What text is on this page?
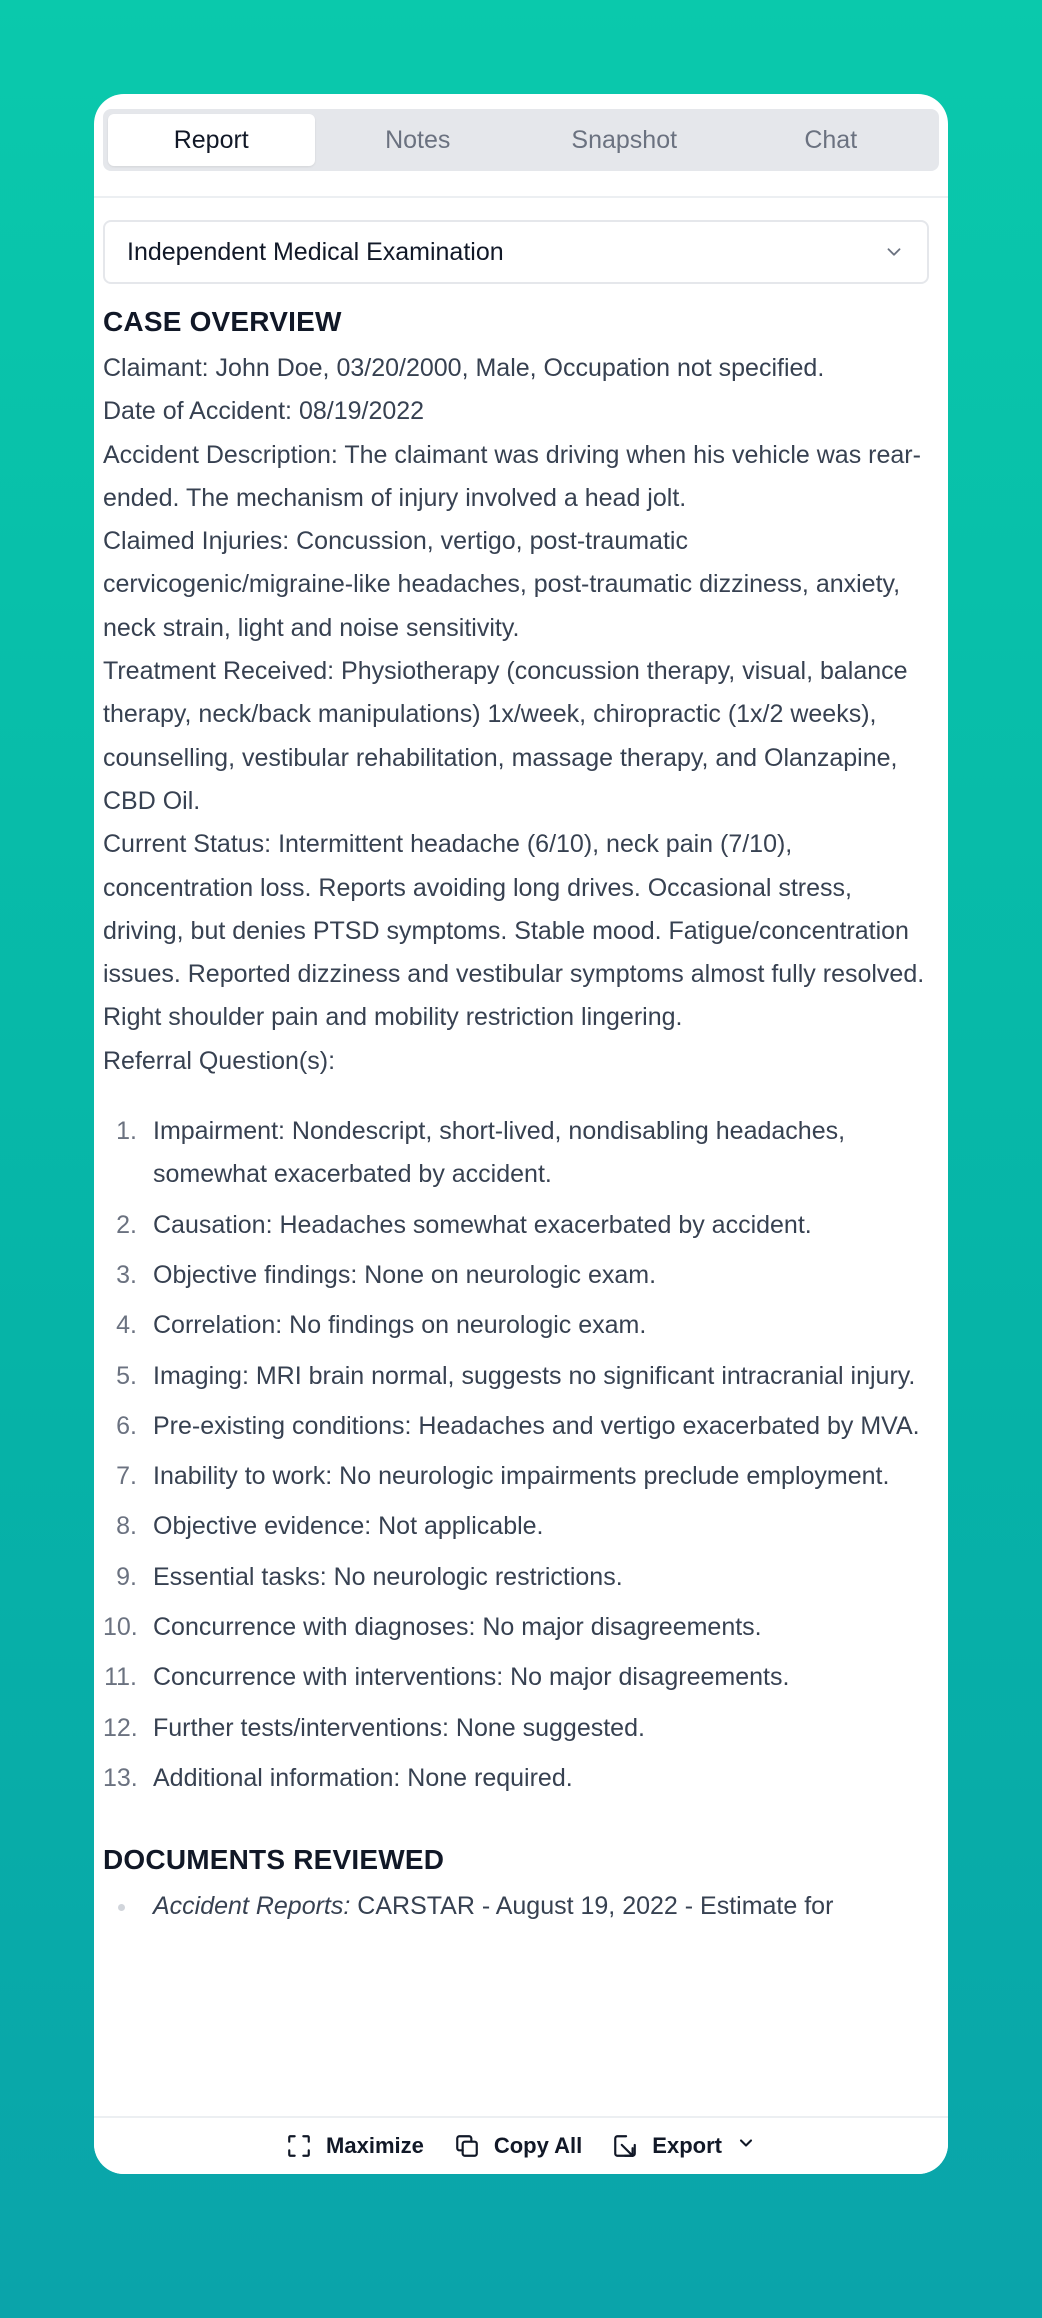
Report	Notes	Snapshot	Chat
Independent Medical Examination
CASE OVERVIEW

Claimant: John Doe, 03/20/2000, Male, Occupation not specified.

Date of Accident: 08/19/2022

Accident Description: The claimant was driving when his vehicle was rear-ended. The mechanism of injury involved a head jolt.

Claimed Injuries: Concussion, vertigo, post-traumatic cervicogenic/migraine-like headaches, post-traumatic dizziness, anxiety, neck strain, light and noise sensitivity.

Treatment Received: Physiotherapy (concussion therapy, visual, balance therapy, neck/back manipulations) 1x/week, chiropractic (1x/2 weeks), counselling, vestibular rehabilitation, massage therapy, and Olanzapine, CBD Oil.

Current Status: Intermittent headache (6/10), neck pain (7/10), concentration loss. Reports avoiding long drives. Occasional stress, driving, but denies PTSD symptoms. Stable mood. Fatigue/concentration issues. Reported dizziness and vestibular symptoms almost fully resolved. Right shoulder pain and mobility restriction lingering.

Referral Question(s):

1. Impairment: Nondescript, short-lived, nondisabling headaches, somewhat exacerbated by accident.
2. Causation: Headaches somewhat exacerbated by accident.
3. Objective findings: None on neurologic exam.
4. Correlation: No findings on neurologic exam.
5. Imaging: MRI brain normal, suggests no significant intracranial injury.
6. Pre-existing conditions: Headaches and vertigo exacerbated by MVA.
7. Inability to work: No neurologic impairments preclude employment.
8. Objective evidence: Not applicable.
9. Essential tasks: No neurologic restrictions.
10. Concurrence with diagnoses: No major disagreements.
11. Concurrence with interventions: No major disagreements.
12. Further tests/interventions: None suggested.
13. Additional information: None required.
DOCUMENTS REVIEWED
Accident Reports: CARSTAR - August 19, 2022 - Estimate for
Maximize	Copy All	Export
